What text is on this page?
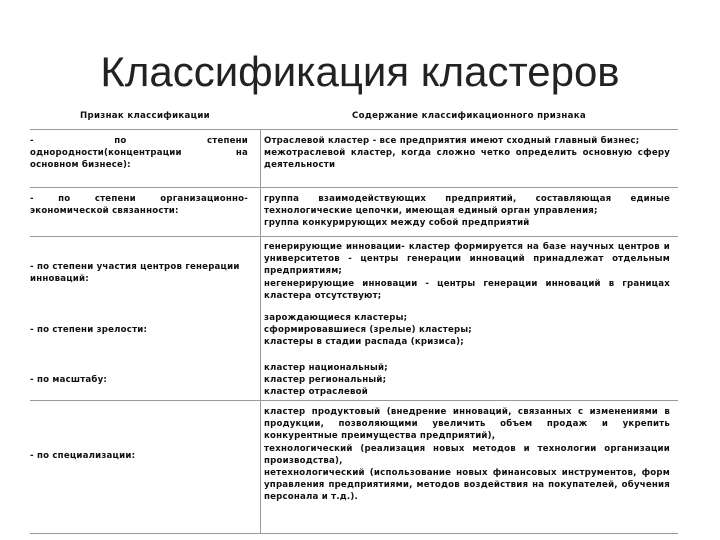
Классификация кластеров
Признак классификации	Содержание классификационного признака
- по степени однородности(концентрации на основном бизнесе):
Отраслевой кластер - все предприятия имеют сходный главный бизнес;
межотраслевой кластер, когда сложно четко определить основную сферу деятельности
- по степени организационно-экономической связанности:
группа взаимодействующих предприятий, составляющая единые технологические цепочки, имеющая единый орган управления;
группа конкурирующих между собой предприятий
- по степени участия центров генерации инноваций:
генерирующие инновации- кластер формируется на базе научных центров и университетов - центры генерации инноваций принадлежат отдельным предприятиям;
негенерирующие инновации - центры генерации инноваций в границах кластера отсутствуют;
- по степени зрелости:
зарождающиеся кластеры;
сформировавшиеся (зрелые) кластеры;
кластеры в стадии распада (кризиса);
- по масштабу:
кластер национальный;
кластер региональный;
кластер отраслевой
- по специализации:
кластер продуктовый (внедрение инноваций, связанных с изменениями в продукции, позволяющими увеличить объем продаж и укрепить конкурентные преимущества предприятий),
технологический (реализация новых методов и технологии организации производства),
нетехнологический (использование новых финансовых инструментов, форм управления предприятиями, методов воздействия на покупателей, обучения персонала и т.д.).
